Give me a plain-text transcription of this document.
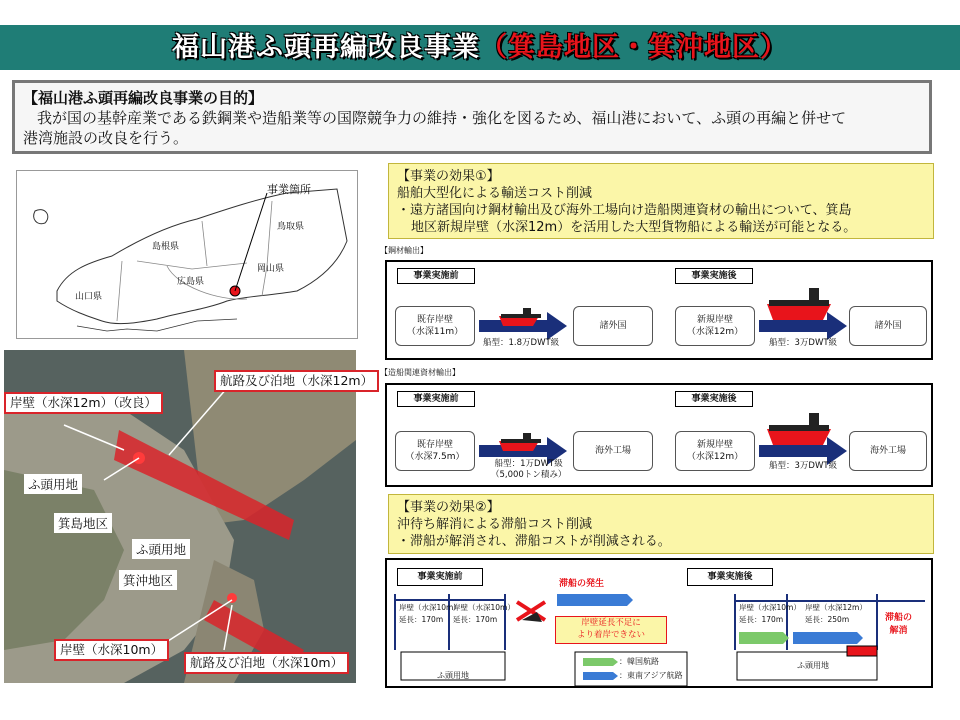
福山港ふ頭再編改良事業（箕島地区・箕沖地区）
【福山港ふ頭再編改良事業の目的】
我が国の基幹産業である鉄鋼業や造船業等の国際競争力の維持・強化を図るため、福山港において、ふ頭の再編と併せて
港湾施設の改良を行う。
事業箇所
鳥取県
島根県
岡山県
広島県
山口県
岸壁（水深12m）（改良）
航路及び泊地（水深12m）
ふ頭用地
箕島地区
ふ頭用地
箕沖地区
岸壁（水深10m）
航路及び泊地（水深10m）
【事業の効果①】
船舶大型化による輸送コスト削減
・遠方諸国向け鋼材輸出及び海外工場向け造船関連資材の輸出について、箕島
地区新規岸壁（水深12m）を活用した大型貨物船による輸送が可能となる。
【鋼材輸出】
事業実施前	事業実施後
既存岸壁
（水深11m）
船型：1.8万DWT級
諸外国
新規岸壁
（水深12m）
船型：3万DWT級
諸外国
【造船関連資材輸出】
事業実施前	事業実施後
既存岸壁
（水深7.5m）
船型：1万DWT級
（5,000トン積み）
海外工場
新規岸壁
（水深12m）
船型：3万DWT級
海外工場
【事業の効果②】
沖待ち解消による滞船コスト削減
・滞船が解消され、滞船コストが削減される。
事業実施前	事業実施後
滞船の発生
岸壁（水深10m）
延長：170m
岸壁（水深10m）
延長：170m	岸壁延長不足に
より着岸できない
ふ頭用地
：韓国航路
：東南アジア航路
岸壁（水深10m）
延長：170m
岸壁（水深12m）
延長：250m
ふ頭用地
滞船の
解消
